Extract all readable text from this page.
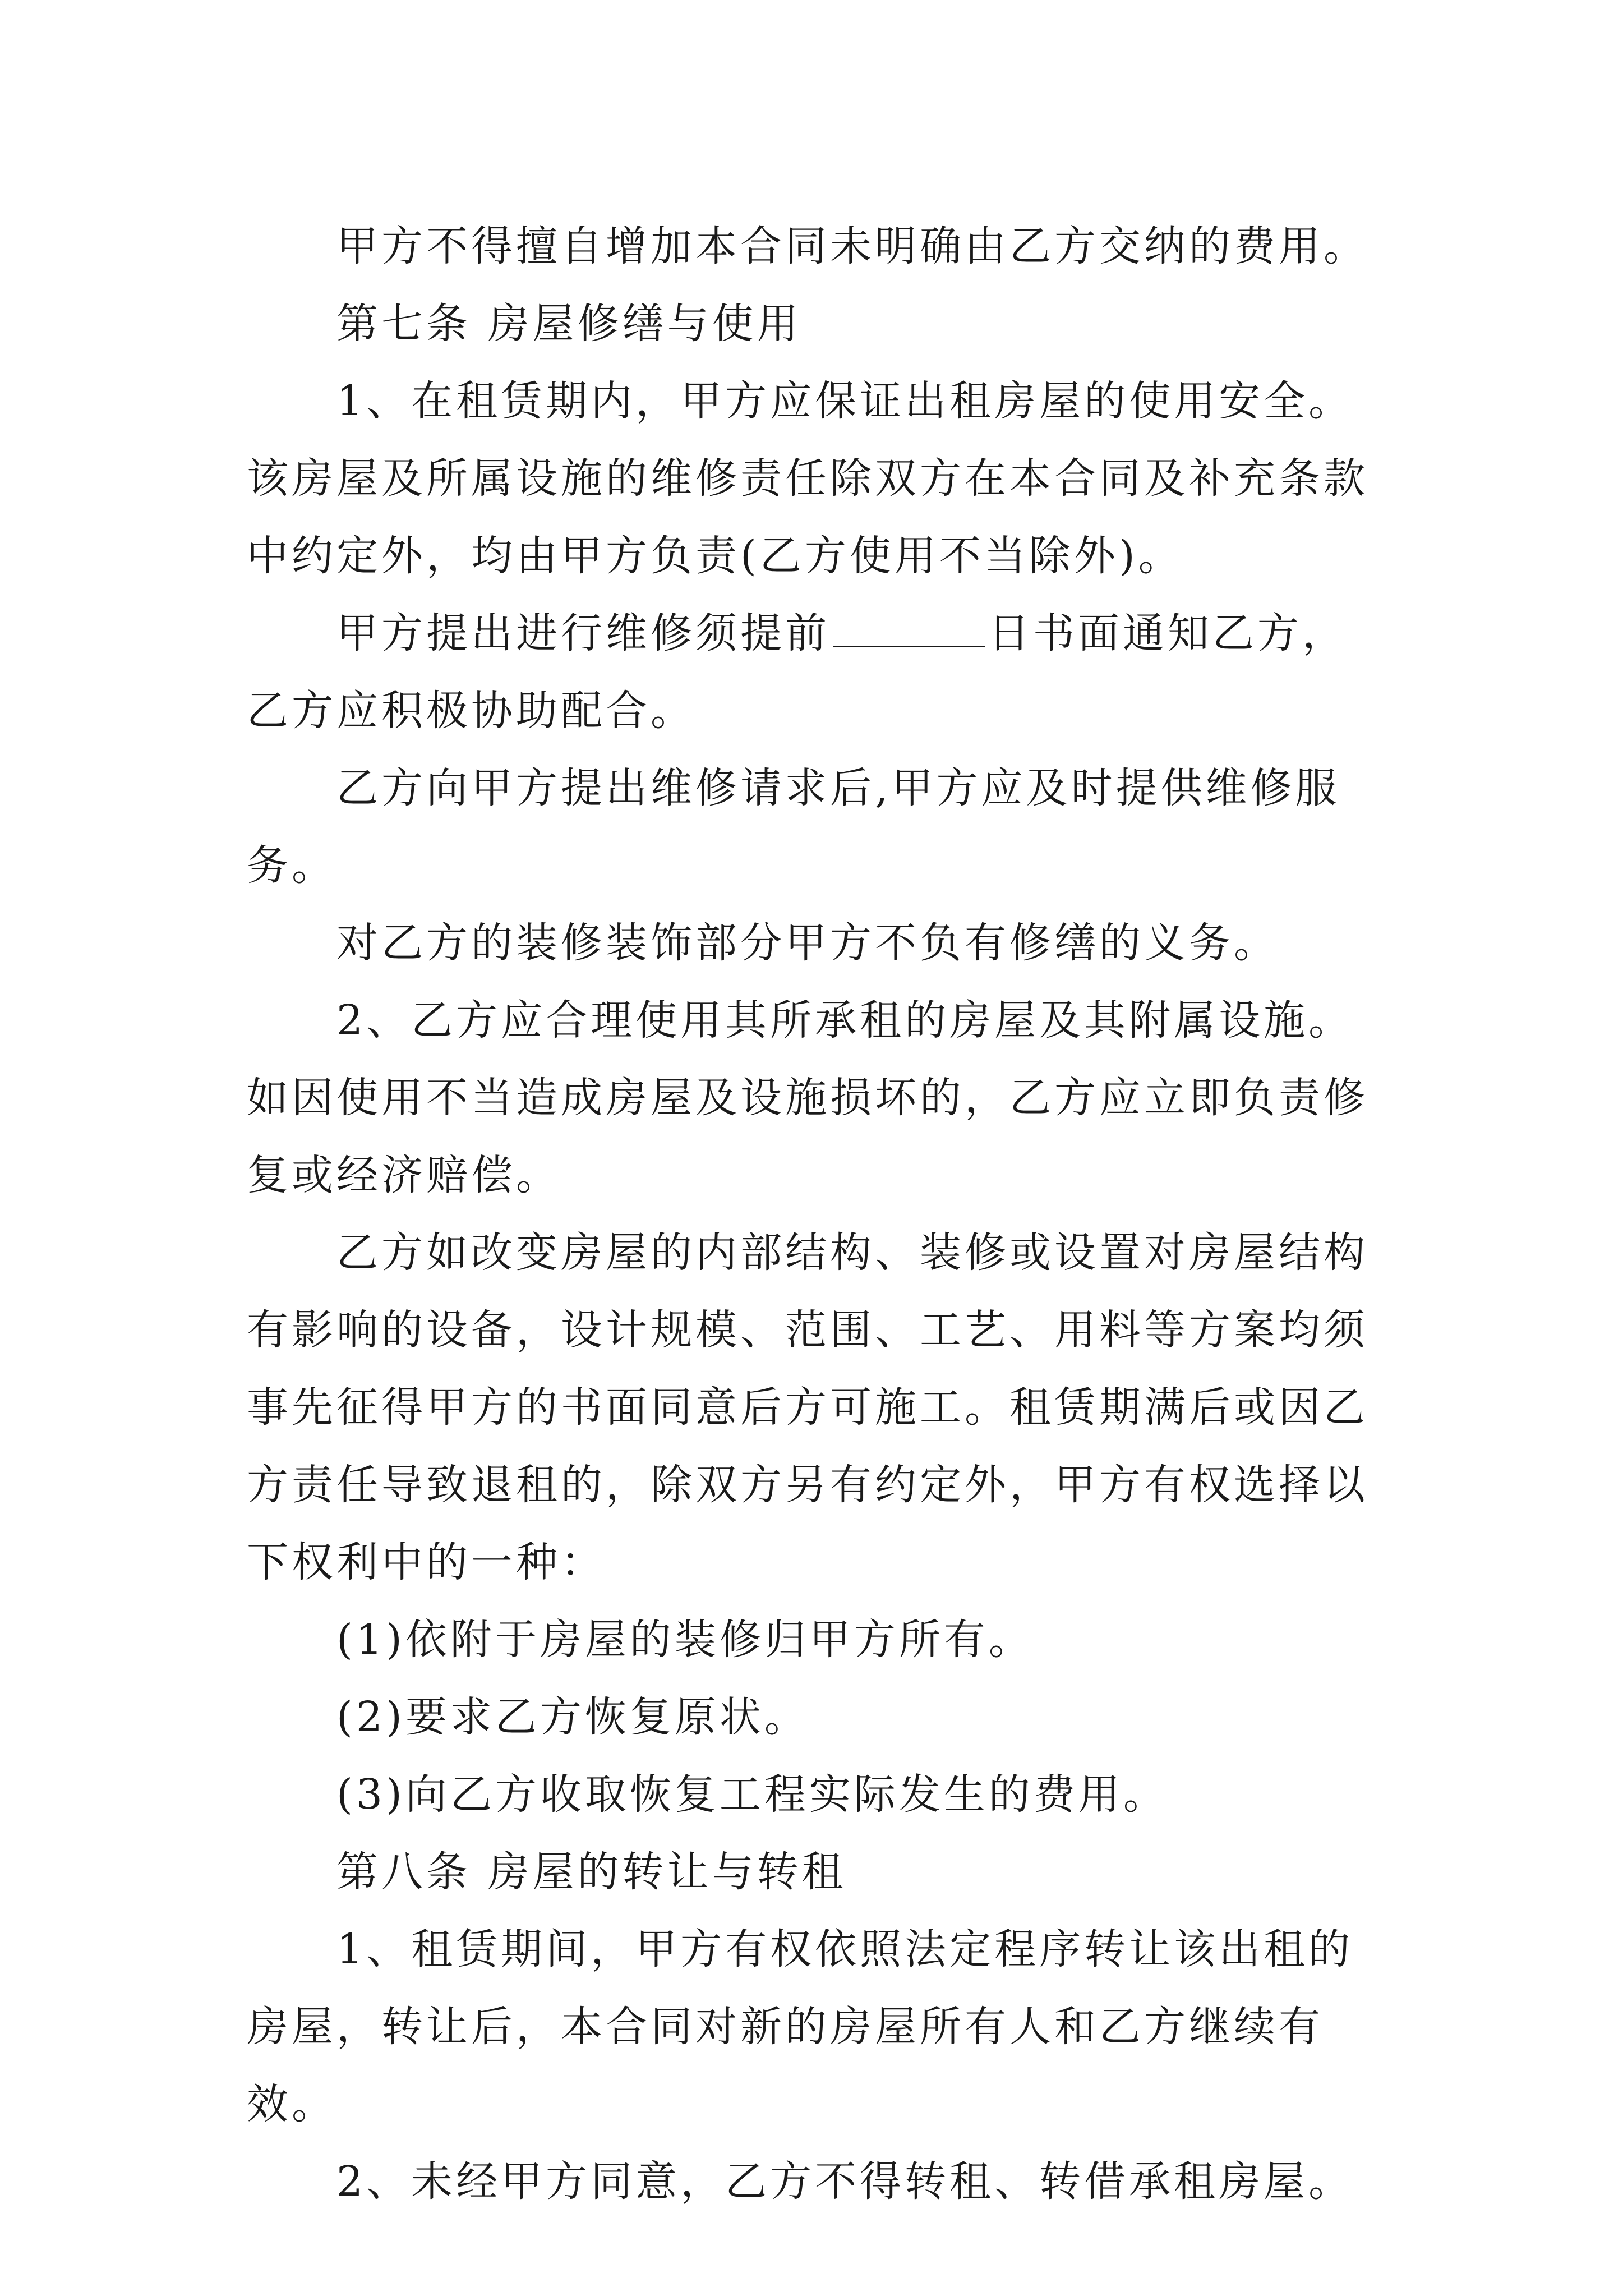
甲方不得擅自增加本合同未明确由乙方交纳的费用。

第七条 房屋修缮与使用

1、在租赁期内，甲方应保证出租房屋的使用安全。该房屋及所属设施的维修责任除双方在本合同及补充条款中约定外，均由甲方负责(乙方使用不当除外)。

甲方提出进行维修须提前	日书面通知乙方，乙方应积极协助配合。

乙方向甲方提出维修请求后,甲方应及时提供维修服务。

对乙方的装修装饰部分甲方不负有修缮的义务。

2、乙方应合理使用其所承租的房屋及其附属设施。如因使用不当造成房屋及设施损坏的，乙方应立即负责修复或经济赔偿。

乙方如改变房屋的内部结构、装修或设置对房屋结构有影响的设备，设计规模、范围、工艺、用料等方案均须事先征得甲方的书面同意后方可施工。租赁期满后或因乙方责任导致退租的，除双方另有约定外，甲方有权选择以下权利中的一种：

(1)依附于房屋的装修归甲方所有。

(2)要求乙方恢复原状。

(3)向乙方收取恢复工程实际发生的费用。

第八条 房屋的转让与转租

1、租赁期间，甲方有权依照法定程序转让该出租的房屋，转让后，本合同对新的房屋所有人和乙方继续有效。

2、未经甲方同意，乙方不得转租、转借承租房屋。
